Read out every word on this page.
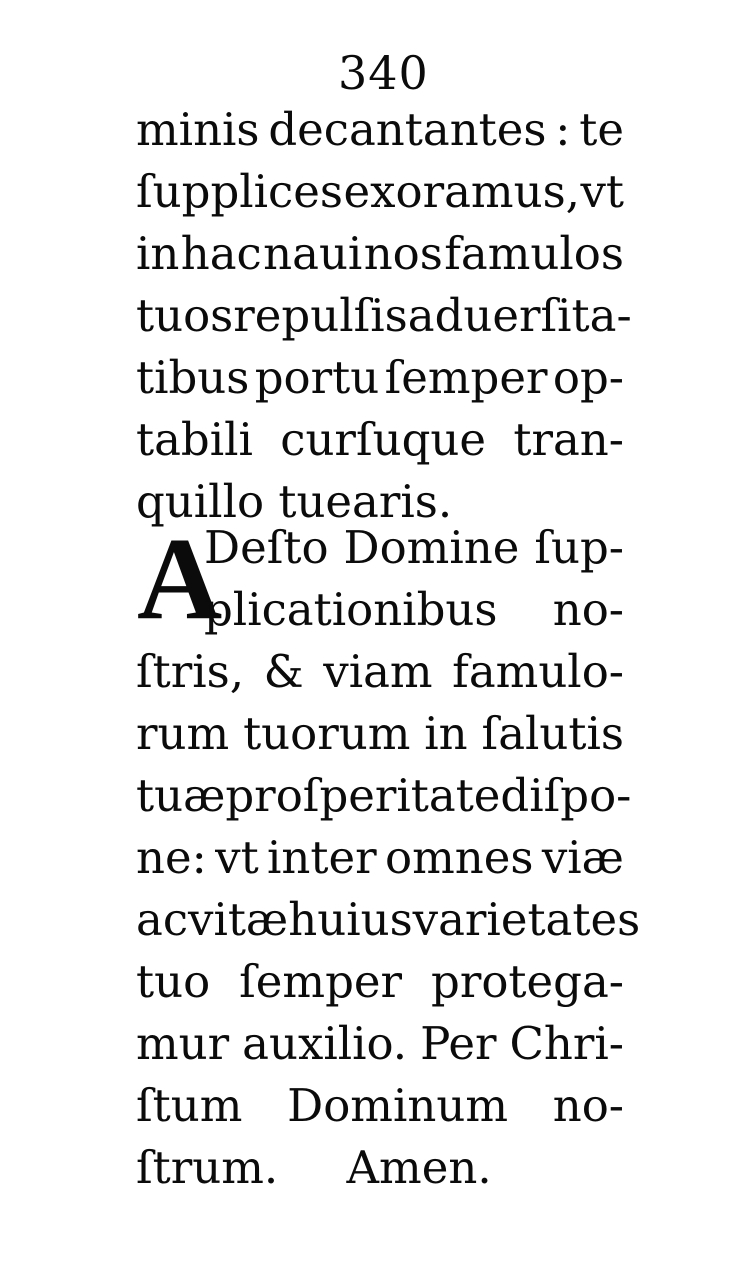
340
minis decantantes : te
ſupplices exoramus, vt
in hac naui nos famulos
tuos repulſis aduerſita-
tibus portu ſemper op-
tabili curſuque tran-
quillo tuearis.
A
Deſto Domine ſup-
plicationibus no-
ſtris, & viam famulo-
rum tuorum in ſalutis
tuæ proſperitate diſpo-
ne: vt inter omnes viæ
ac vitæ huius varietates
tuo ſemper protega-
mur auxilio. Per Chri-
ſtum Dominum no-
ſtrum. Amen.
